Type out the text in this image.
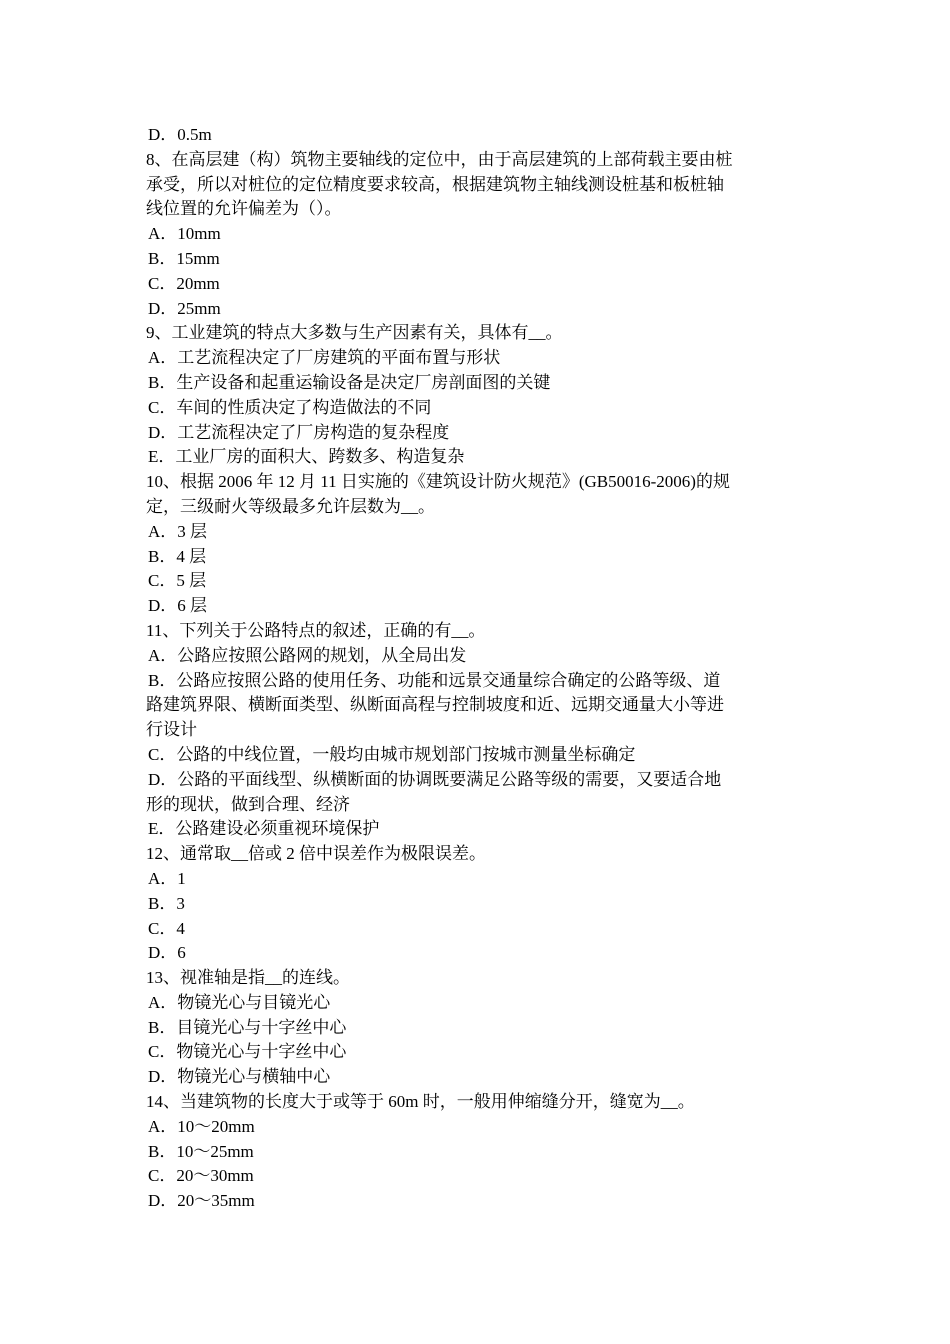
D．0.5m
8、在高层建（构）筑物主要轴线的定位中，由于高层建筑的上部荷载主要由桩
承受，所以对桩位的定位精度要求较高，根据建筑物主轴线测设桩基和板桩轴
线位置的允许偏差为（）。
A．10mm
B．15mm
C．20mm
D．25mm
9、工业建筑的特点大多数与生产因素有关，具体有__。
A．工艺流程决定了厂房建筑的平面布置与形状
B．生产设备和起重运输设备是决定厂房剖面图的关键
C．车间的性质决定了构造做法的不同
D．工艺流程决定了厂房构造的复杂程度
E．工业厂房的面积大、跨数多、构造复杂
10、根据 2006 年 12 月 11 日实施的《建筑设计防火规范》(GB50016-2006)的规
定，三级耐火等级最多允许层数为__。
A．3 层
B．4 层
C．5 层
D．6 层
11、下列关于公路特点的叙述，正确的有__。
A．公路应按照公路网的规划，从全局出发
B．公路应按照公路的使用任务、功能和远景交通量综合确定的公路等级、道
路建筑界限、横断面类型、纵断面高程与控制坡度和近、远期交通量大小等进
行设计
C．公路的中线位置，一般均由城市规划部门按城市测量坐标确定
D．公路的平面线型、纵横断面的协调既要满足公路等级的需要，又要适合地
形的现状，做到合理、经济
E．公路建设必须重视环境保护
12、通常取__倍或 2 倍中误差作为极限误差。
A．1
B．3
C．4
D．6
13、视准轴是指__的连线。
A．物镜光心与目镜光心
B．目镜光心与十字丝中心
C．物镜光心与十字丝中心
D．物镜光心与横轴中心
14、当建筑物的长度大于或等于 60m 时，一般用伸缩缝分开，缝宽为__。
A．10～20mm
B．10～25mm
C．20～30mm
D．20～35mm
